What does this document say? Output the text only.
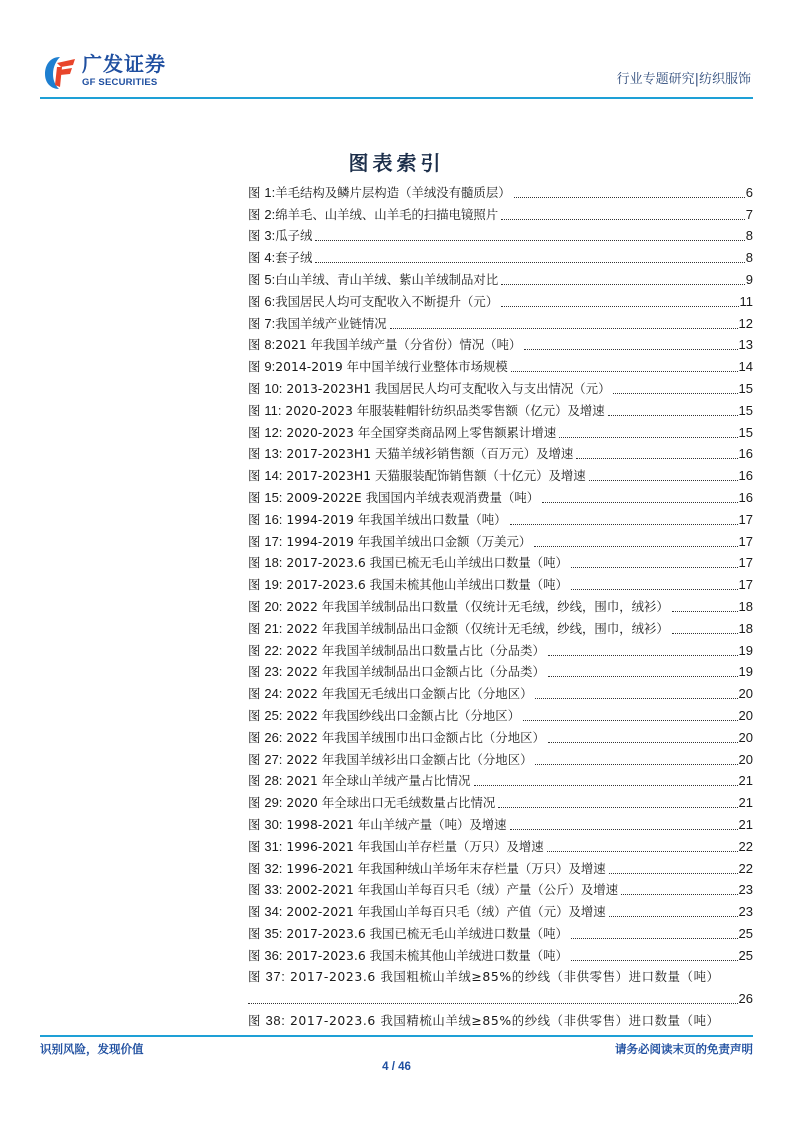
广发证券
GF SECURITIES	行业专题研究|纺织服饰
图表索引
图 1:羊毛结构及鳞片层构造（羊绒没有髓质层）	6
图 2:绵羊毛、山羊绒、山羊毛的扫描电镜照片	7
图 3:瓜子绒	8
图 4:套子绒	8
图 5:白山羊绒、青山羊绒、紫山羊绒制品对比	9
图 6:我国居民人均可支配收入不断提升（元）	11
图 7:我国羊绒产业链情况	12
图 8:2021 年我国羊绒产量（分省份）情况（吨）	13
图 9:2014-2019 年中国羊绒行业整体市场规模	14
图 10: 2013-2023H1 我国居民人均可支配收入与支出情况（元）	15
图 11: 2020-2023 年服装鞋帽针纺织品类零售额（亿元）及增速	15
图 12: 2020-2023 年全国穿类商品网上零售额累计增速	15
图 13: 2017-2023H1 天猫羊绒衫销售额（百万元）及增速	16
图 14: 2017-2023H1 天猫服装配饰销售额（十亿元）及增速	16
图 15: 2009-2022E 我国国内羊绒表观消费量（吨）	16
图 16: 1994-2019 年我国羊绒出口数量（吨）	17
图 17: 1994-2019 年我国羊绒出口金额（万美元）	17
图 18: 2017-2023.6 我国已梳无毛山羊绒出口数量（吨）	17
图 19: 2017-2023.6 我国未梳其他山羊绒出口数量（吨）	17
图 20: 2022 年我国羊绒制品出口数量（仅统计无毛绒，纱线，围巾，绒衫）	18
图 21: 2022 年我国羊绒制品出口金额（仅统计无毛绒，纱线，围巾，绒衫）	18
图 22: 2022 年我国羊绒制品出口数量占比（分品类）	19
图 23: 2022 年我国羊绒制品出口金额占比（分品类）	19
图 24: 2022 年我国无毛绒出口金额占比（分地区）	20
图 25: 2022 年我国纱线出口金额占比（分地区）	20
图 26: 2022 年我国羊绒围巾出口金额占比（分地区）	20
图 27: 2022 年我国羊绒衫出口金额占比（分地区）	20
图 28: 2021 年全球山羊绒产量占比情况	21
图 29: 2020 年全球出口无毛绒数量占比情况	21
图 30: 1998-2021 年山羊绒产量（吨）及增速	21
图 31: 1996-2021 年我国山羊存栏量（万只）及增速	22
图 32: 1996-2021 年我国种绒山羊场年末存栏量（万只）及增速	22
图 33: 2002-2021 年我国山羊每百只毛（绒）产量（公斤）及增速	23
图 34: 2002-2021 年我国山羊每百只毛（绒）产值（元）及增速	23
图 35: 2017-2023.6 我国已梳无毛山羊绒进口数量（吨）	25
图 36: 2017-2023.6 我国未梳其他山羊绒进口数量（吨）	25
图 37: 2017-2023.6 我国粗梳山羊绒≥85%的纱线（非供零售）进口数量（吨）
26
图 38: 2017-2023.6 我国精梳山羊绒≥85%的纱线（非供零售）进口数量（吨）
识别风险，发现价值	请务必阅读末页的免责声明
4 / 46
